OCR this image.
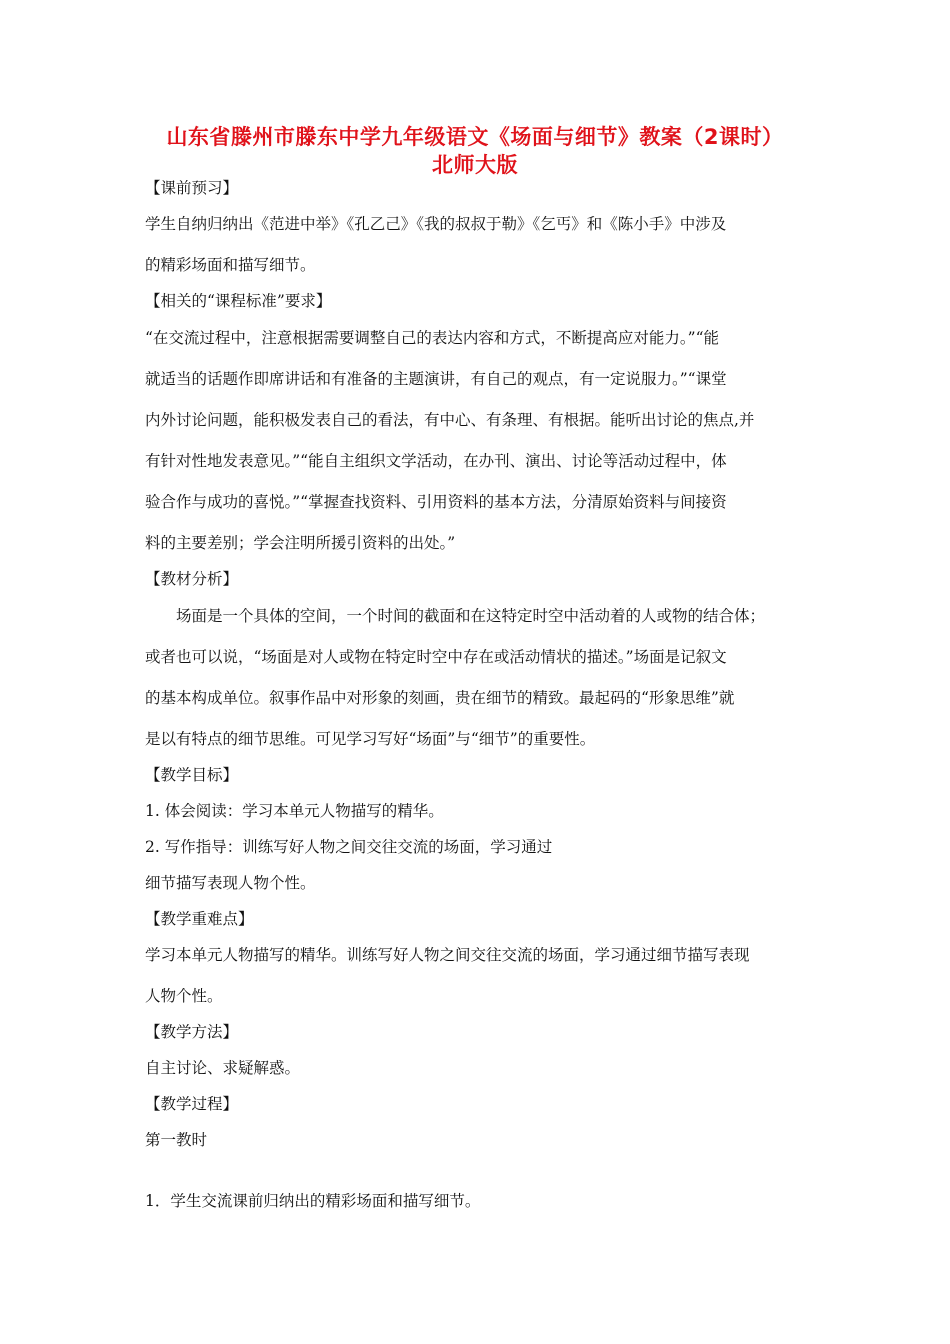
山东省滕州市滕东中学九年级语文《场面与细节》教案（2课时）
北师大版
【课前预习】
学生自纳归纳出《范进中举》《孔乙己》《我的叔叔于勒》《乞丐》和《陈小手》中涉及
的精彩场面和描写细节。
【相关的“课程标准”要求】
“在交流过程中，注意根据需要调整自己的表达内容和方式，不断提高应对能力。”“能
就适当的话题作即席讲话和有准备的主题演讲，有自己的观点，有一定说服力。”“课堂
内外讨论问题，能积极发表自己的看法，有中心、有条理、有根据。能听出讨论的焦点,并
有针对性地发表意见。”“能自主组织文学活动，在办刊、演出、讨论等活动过程中，体
验合作与成功的喜悦。”“掌握查找资料、引用资料的基本方法，分清原始资料与间接资
料的主要差别；学会注明所援引资料的出处。”
【教材分析】
　　场面是一个具体的空间，一个时间的截面和在这特定时空中活动着的人或物的结合体；
或者也可以说，“场面是对人或物在特定时空中存在或活动情状的描述。”场面是记叙文
的基本构成单位。叙事作品中对形象的刻画，贵在细节的精致。最起码的“形象思维”就
是以有特点的细节思维。可见学习写好“场面”与“细节”的重要性。
【教学目标】
1. 体会阅读：学习本单元人物描写的精华。
2. 写作指导：训练写好人物之间交往交流的场面，学习通过
细节描写表现人物个性。
【教学重难点】
学习本单元人物描写的精华。训练写好人物之间交往交流的场面，学习通过细节描写表现
人物个性。
【教学方法】
自主讨论、求疑解惑。
【教学过程】
第一教时
1．学生交流课前归纳出的精彩场面和描写细节。
